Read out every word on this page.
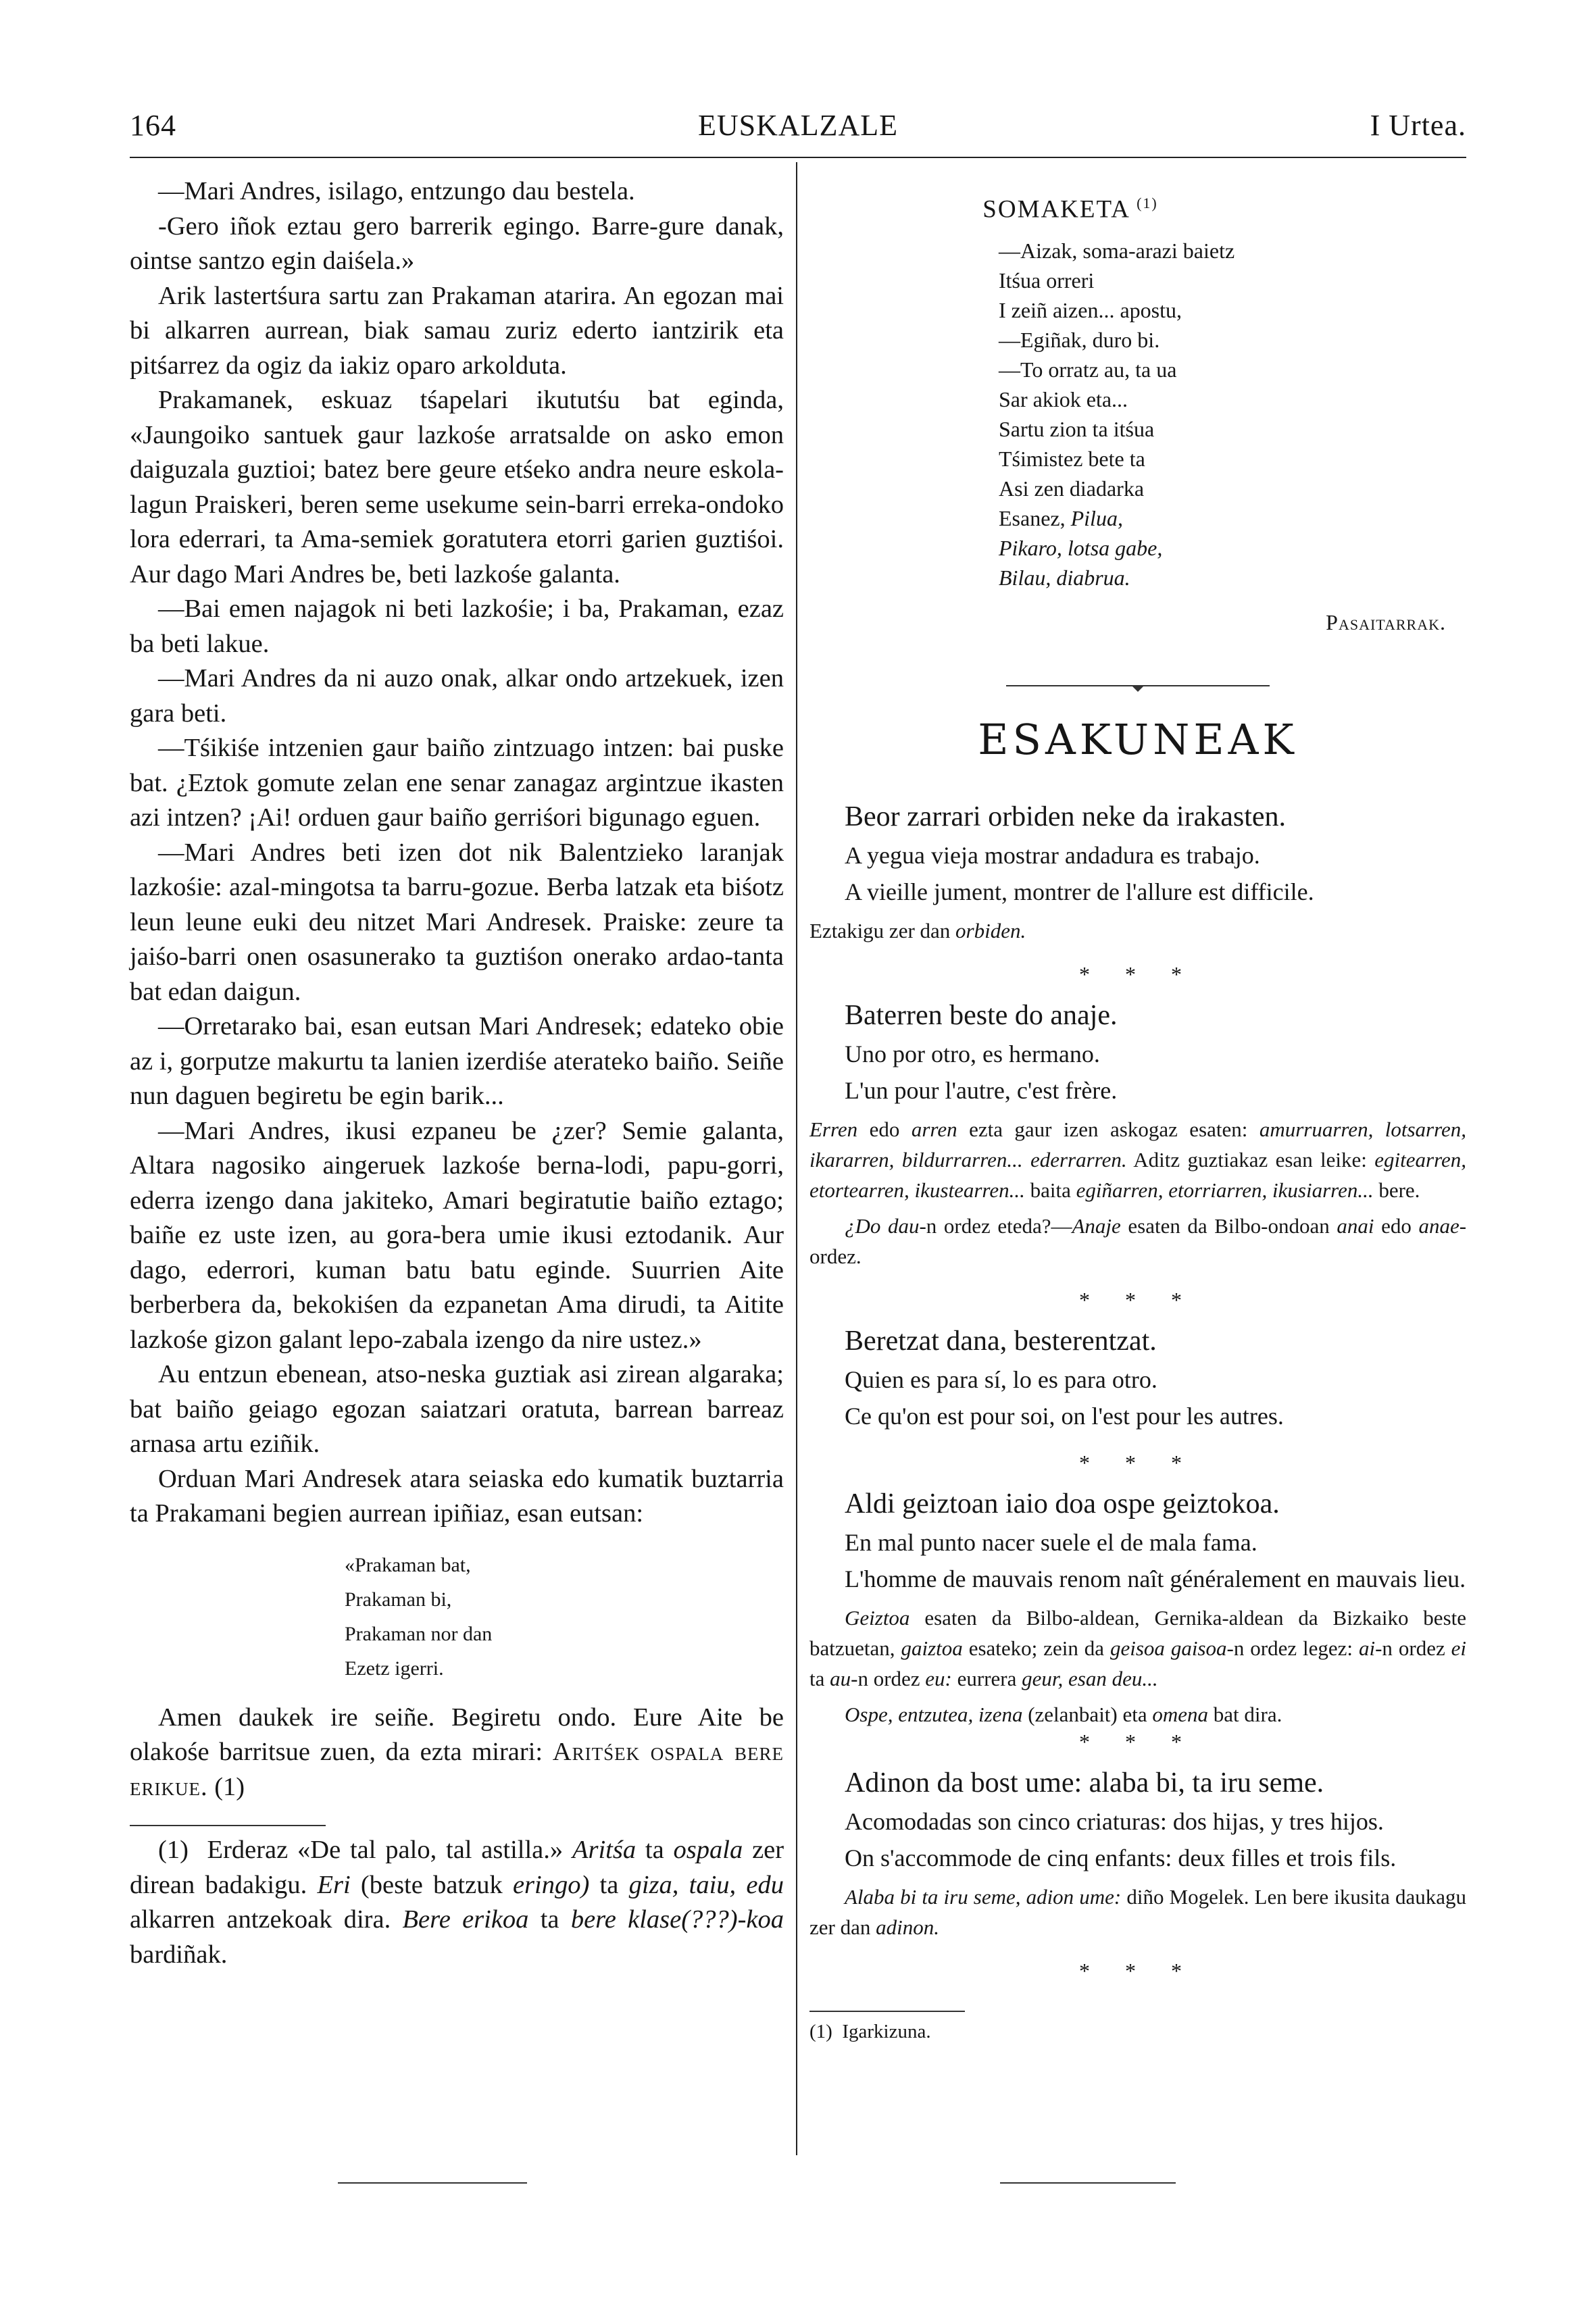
164	EUSKALZALE	I Urtea.

—Mari Andres, isilago, entzungo dau bestela.

-Gero iñok eztau gero barrerik egingo. Barre-gure danak, ointse santzo egin daiśela.»

Arik lastertśura sartu zan Prakaman atarira. An egozan mai bi alkarren aurrean, biak samau zuriz ederto iantzirik eta pitśarrez da ogiz da iakiz oparo arkolduta.

Prakamanek, eskuaz tśapelari ikututśu bat eginda, «Jaungoiko santuek gaur lazkośe arratsalde on asko emon daiguzala guztioi; batez bere geure etśeko andra neure eskola-lagun Praiskeri, beren seme usekume sein-barri erreka-ondoko lora ederrari, ta Ama-semiek goratutera etorri garien guztiśoi. Aur dago Mari Andres be, beti lazkośe galanta.

—Bai emen najagok ni beti lazkośie; i ba, Prakaman, ezaz ba beti lakue.

—Mari Andres da ni auzo onak, alkar ondo artzekuek, izen gara beti.

—Tśikiśe intzenien gaur baiño zintzuago intzen: bai puske bat. ¿Eztok gomute zelan ene senar zanagaz argintzue ikasten azi intzen? ¡Ai! orduen gaur baiño gerriśori bigunago eguen.

—Mari Andres beti izen dot nik Balentzieko laranjak lazkośie: azal-mingotsa ta barru-gozue. Berba latzak eta biśotz leun leune euki deu nitzet Mari Andresek. Praiske: zeure ta jaiśo-barri onen osasunerako ta guztiśon onerako ardao-tanta bat edan daigun.

—Orretarako bai, esan eutsan Mari Andresek; edateko obie az i, gorputze makurtu ta lanien izerdiśe aterateko baiño. Seiñe nun daguen begiretu be egin barik...

—Mari Andres, ikusi ezpaneu be ¿zer? Semie galanta, Altara nagosiko aingeruek lazkośe berna-lodi, papu-gorri, ederra izengo dana jakiteko, Amari begiratutie baiño eztago; baiñe ez uste izen, au gora-bera umie ikusi eztodanik. Aur dago, ederrori, kuman batu batu eginde. Suurrien Aite berberbera da, bekokiśen da ezpanetan Ama dirudi, ta Aitite lazkośe gizon galant lepo-zabala izengo da nire ustez.»

Au entzun ebenean, atso-neska guztiak asi zirean algaraka; bat baiño geiago egozan saiatzari oratuta, barrean barreaz arnasa artu eziñik.

Orduan Mari Andresek atara seiaska edo kumatik buztarria ta Prakamani begien aurrean ipiñiaz, esan eutsan:

«Prakaman bat,
Prakaman bi,
Prakaman nor dan
Ezetz igerri.

Amen daukek ire seiñe. Begiretu ondo. Eure Aite be olakośe barritsue zuen, da ezta mirari: Aritśek ospala bere erikue. (1)

(1) Erderaz «De tal palo, tal astilla.» Aritśa ta ospala zer direan badakigu. Eri (beste batzuk eringo) ta giza, taiu, edu alkarren antzekoak dira. Bere erikoa ta bere klase(???)-koa bardiñak.

SOMAKETA $^{(1)}$
—Aizak, soma-arazi baietz
Itśua orreri
I zeiñ aizen... apostu,
—Egiñak, duro bi.
—To orratz au, ta ua
Sar akiok eta...
Sartu zion ta itśua
Tśimistez bete ta
Asi zen diadarka
Esanez, Pilua,
Pikaro, lotsa gabe,
Bilau, diabrua.
Pasaitarrak.
ESAKUNEAK

Beor zarrari orbiden neke da irakasten.

A yegua vieja mostrar andadura es trabajo.

A vieille jument, montrer de l'allure est difficile.

Eztakigu zer dan orbiden.

* * *

Baterren beste do anaje.

Uno por otro, es hermano.

L'un pour l'autre, c'est frère.

Erren edo arren ezta gaur izen askogaz esaten: amurruarren, lotsarren, ikararren, bildurrarren... ederrarren. Aditz guztiakaz esan leike: egitearren, etortearren, ikustearren... baita egiñarren, etorriarren, ikusiarren... bere.

¿Do dau-n ordez eteda?—Anaje esaten da Bilbo-ondoan anai edo anae-ordez.

* * *

Beretzat dana, besterentzat.

Quien es para sí, lo es para otro.

Ce qu'on est pour soi, on l'est pour les autres.

* * *

Aldi geiztoan iaio doa ospe geiztokoa.

En mal punto nacer suele el de mala fama.

L'homme de mauvais renom naît généralement en mauvais lieu.

Geiztoa esaten da Bilbo-aldean, Gernika-aldean da Bizkaiko beste batzuetan, gaiztoa esateko; zein da geisoa gaisoa-n ordez legez: ai-n ordez ei ta au-n ordez eu: eurrera geur, esan deu...

Ospe, entzutea, izena (zelanbait) eta omena bat dira.

* * *

Adinon da bost ume: alaba bi, ta iru seme.

Acomodadas son cinco criaturas: dos hijas, y tres hijos.

On s'accommode de cinq enfants: deux filles et trois fils.

Alaba bi ta iru seme, adion ume: diño Mogelek. Len bere ikusita daukagu zer dan adinon.

* * *

(1) Igarkizuna.
